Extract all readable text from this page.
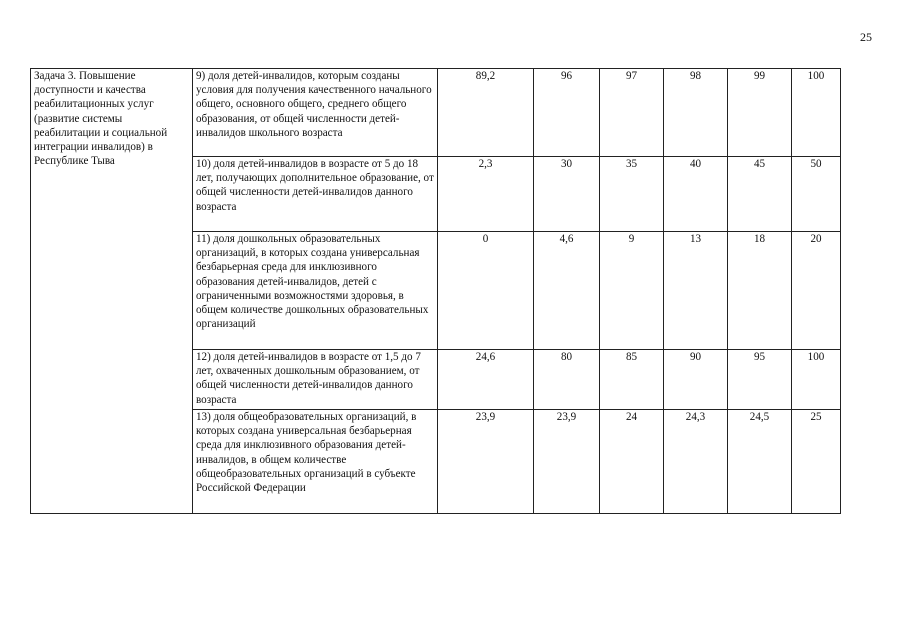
25
Задача 3. Повышение доступности и качества реабилитационных услуг (развитие системы реабилитации и социальной интеграции инвалидов) в Республике Тыва	9) доля детей-инвалидов, которым созданы условия для получения качественного начального общего, основного общего, среднего общего образования, от общей численности детей-инвалидов школьного возраста	89,2	96	97	98	99	100
	10) доля детей-инвалидов в возрасте от 5 до 18 лет, получающих дополнительное образование, от общей численности детей-инвалидов данного возраста	2,3	30	35	40	45	50
	11) доля дошкольных образовательных организаций, в которых создана универсальная безбарьерная среда для инклюзивного образования детей-инвалидов, детей с ограниченными возможностями здоровья, в общем количестве дошкольных образовательных организаций	0	4,6	9	13	18	20
	12) доля детей-инвалидов в возрасте от 1,5 до 7 лет, охваченных дошкольным образованием, от общей численности детей-инвалидов данного возраста	24,6	80	85	90	95	100
	13) доля общеобразовательных организаций, в которых создана универсальная безбарьерная среда для инклюзивного образования детей-инвалидов, в общем количестве общеобразовательных организаций в субъекте Российской Федерации	23,9	23,9	24	24,3	24,5	25
